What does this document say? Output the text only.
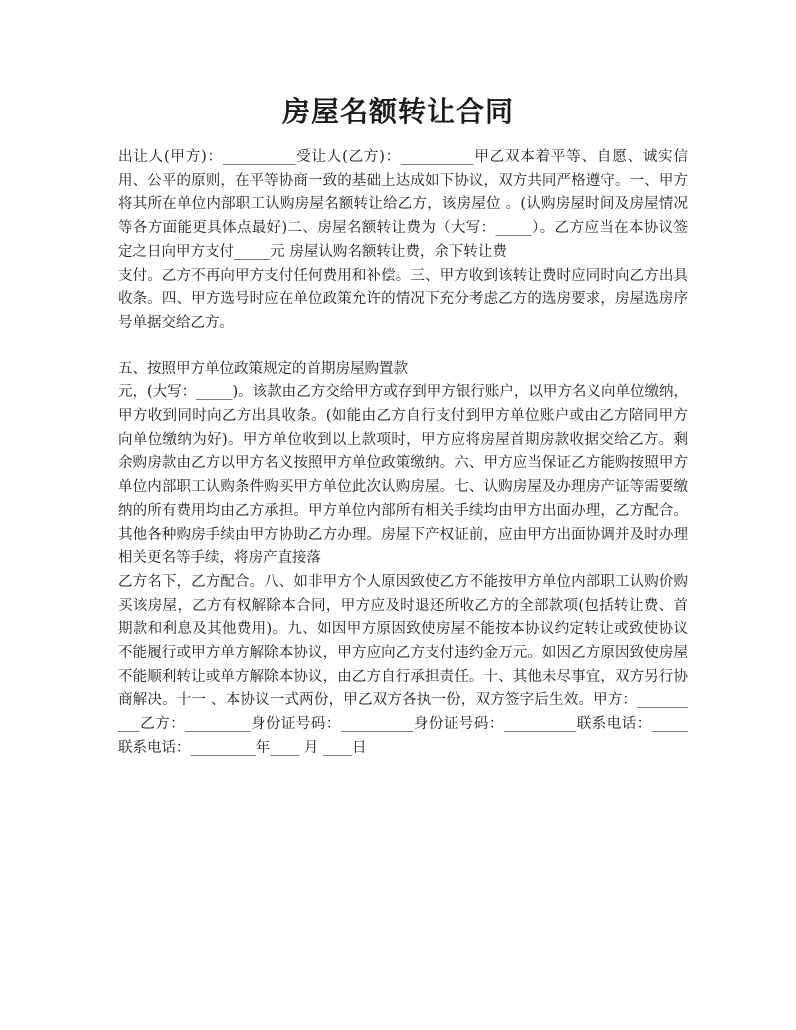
房屋名额转让合同

出让人(甲方)：__________受让人(乙方)：__________甲乙双本着平等、自愿、诚实信用、公平的原则，在平等协商一致的基础上达成如下协议，双方共同严格遵守。一、甲方将其所在单位内部职工认购房屋名额转让给乙方，该房屋位 。(认购房屋时间及房屋情况等各方面能更具体点最好)二、房屋名额转让费为（大写：_____）。乙方应当在本协议签定之日向甲方支付_____元 房屋认购名额转让费，余下转让费

支付。乙方不再向甲方支付任何费用和补偿。三、甲方收到该转让费时应同时向乙方出具收条。四、甲方选号时应在单位政策允许的情况下充分考虑乙方的选房要求，房屋选房序号单据交给乙方。

五、按照甲方单位政策规定的首期房屋购置款

元，(大写：_____)。该款由乙方交给甲方或存到甲方银行账户，以甲方名义向单位缴纳，甲方收到同时向乙方出具收条。(如能由乙方自行支付到甲方单位账户或由乙方陪同甲方向单位缴纳为好)。甲方单位收到以上款项时，甲方应将房屋首期房款收据交给乙方。剩余购房款由乙方以甲方名义按照甲方单位政策缴纳。六、甲方应当保证乙方能购按照甲方单位内部职工认购条件购买甲方单位此次认购房屋。七、认购房屋及办理房产证等需要缴纳的所有费用均由乙方承担。甲方单位内部所有相关手续均由甲方出面办理，乙方配合。其他各种购房手续由甲方协助乙方办理。房屋下产权证前，应由甲方出面协调并及时办理相关更名等手续，将房产直接落

乙方名下，乙方配合。八、如非甲方个人原因致使乙方不能按甲方单位内部职工认购价购买该房屋，乙方有权解除本合同，甲方应及时退还所收乙方的全部款项(包括转让费、首期款和利息及其他费用)。九、如因甲方原因致使房屋不能按本协议约定转让或致使协议不能履行或甲方单方解除本协议，甲方应向乙方支付违约金万元。如因乙方原因致使房屋不能顺利转让或单方解除本协议，由乙方自行承担责任。十、其他未尽事宜，双方另行协商解决。十一 、本协议一式两份，甲乙双方各执一份，双方签字后生效。甲方：__________乙方：_________身份证号码：__________身份证号码：__________联系电话：_____ 联系电话：_________年____ 月 ____日
